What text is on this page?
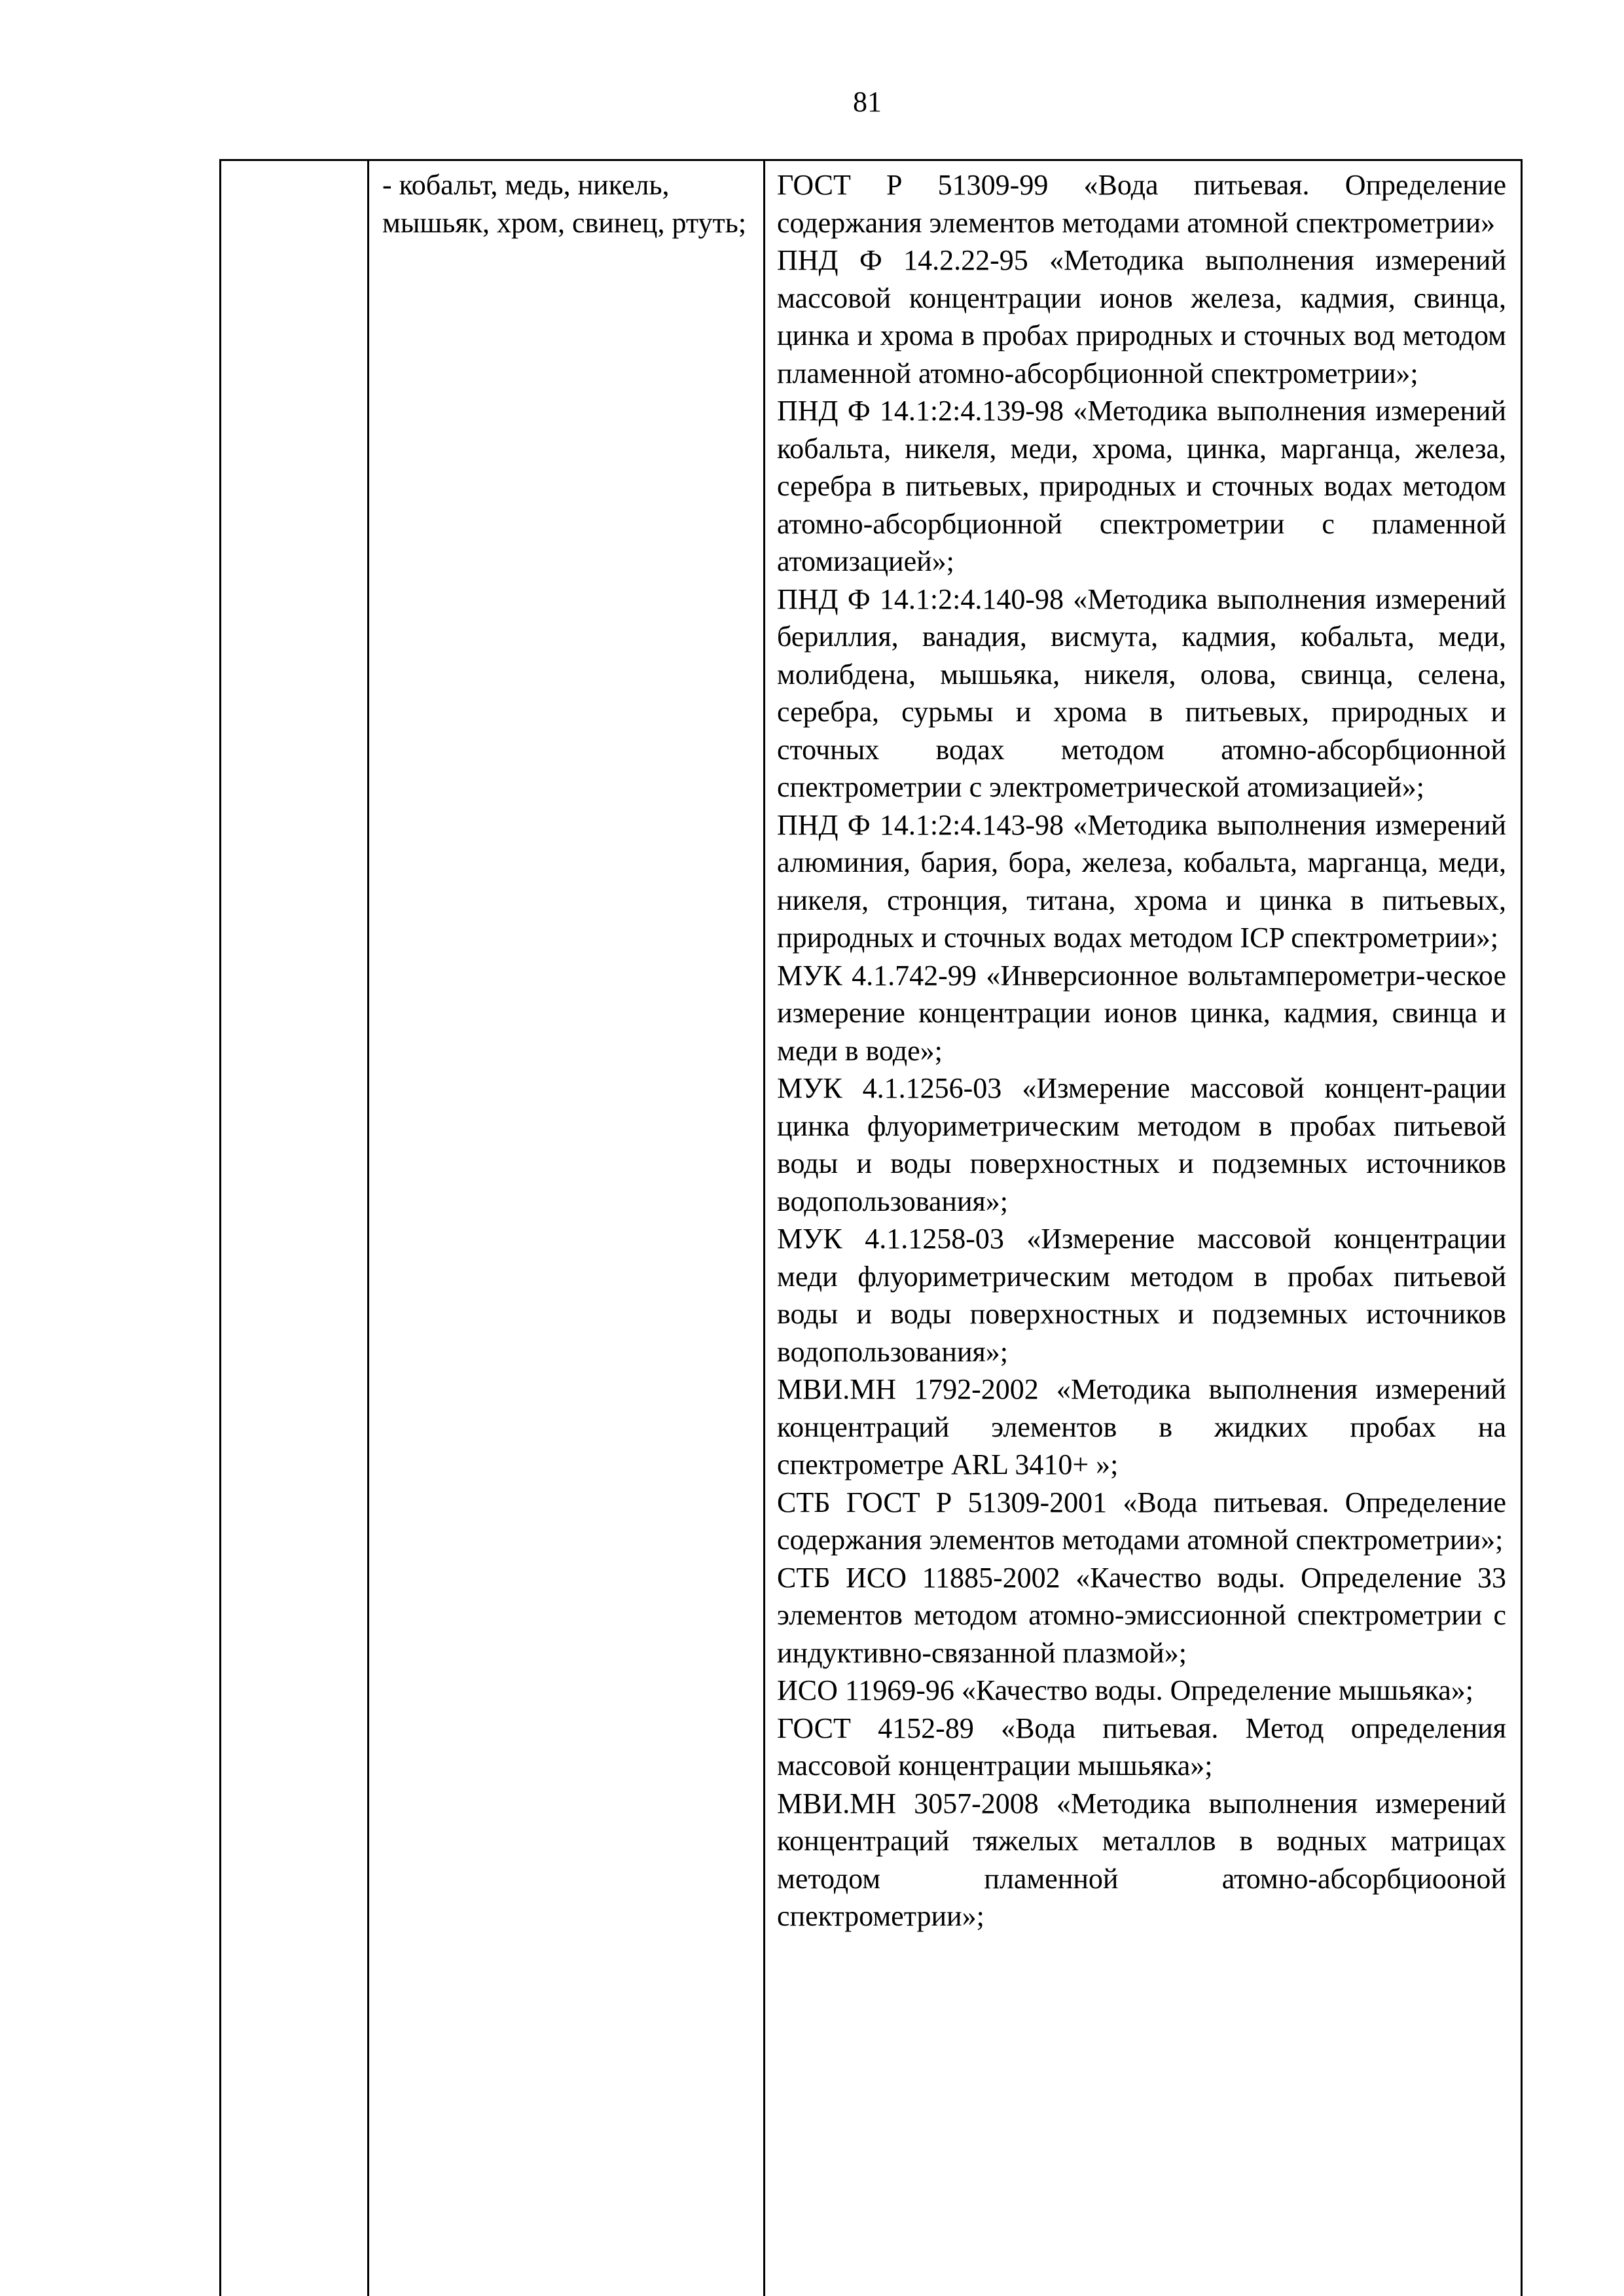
81

- кобальт, медь, никель, мышьяк, хром, свинец, ртуть;

ГОСТ Р 51309-99 «Вода питьевая. Определение содержания элементов методами атомной спектрометрии»

ПНД Ф 14.2.22-95 «Методика выполнения измерений массовой концентрации ионов железа, кадмия, свинца, цинка и хрома в пробах природных и сточных вод методом пламенной атомно-абсорбционной спектрометрии»;

ПНД Ф 14.1:2:4.139-98 «Методика выполнения измерений кобальта, никеля, меди, хрома, цинка, марганца, железа, серебра в питьевых, природных и сточных водах методом атомно-абсорбционной спектрометрии с пламенной атомизацией»;

ПНД Ф 14.1:2:4.140-98 «Методика выполнения измерений бериллия, ванадия, висмута, кадмия, кобальта, меди, молибдена, мышьяка, никеля, олова, свинца, селена, серебра, сурьмы и хрома в питьевых, природных и сточных водах методом атомно-абсорбционной спектрометрии с электрометрической атомизацией»;

ПНД Ф 14.1:2:4.143-98 «Методика выполнения измерений алюминия, бария, бора, железа, кобальта, марганца, меди, никеля, стронция, титана, хрома и цинка в питьевых, природных и сточных водах методом ICP спектрометрии»;

МУК 4.1.742-99 «Инверсионное вольтамперометри-ческое измерение концентрации ионов цинка, кадмия, свинца и меди в воде»;

МУК 4.1.1256-03 «Измерение массовой концент-рации цинка флуориметрическим методом в пробах питьевой воды и воды поверхностных и подземных источников водопользования»;

МУК 4.1.1258-03 «Измерение массовой концентрации меди флуориметрическим методом в пробах питьевой воды и воды поверхностных и подземных источников водопользования»;

МВИ.МН 1792-2002 «Методика выполнения измерений концентраций элементов в жидких пробах на спектрометре ARL 3410+ »;

СТБ ГОСТ Р 51309-2001 «Вода питьевая. Определение содержания элементов методами атомной спектрометрии»;

СТБ ИСО 11885-2002 «Качество воды. Определение 33 элементов методом атомно-эмиссионной спектрометрии с индуктивно-связанной плазмой»;

ИСО 11969-96 «Качество воды. Определение мышьяка»;

ГОСТ 4152-89 «Вода питьевая. Метод определения массовой концентрации мышьяка»;

МВИ.МН 3057-2008 «Методика выполнения измерений концентраций тяжелых металлов в водных матрицах методом пламенной атомно-абсорбциооной спектрометрии»;
